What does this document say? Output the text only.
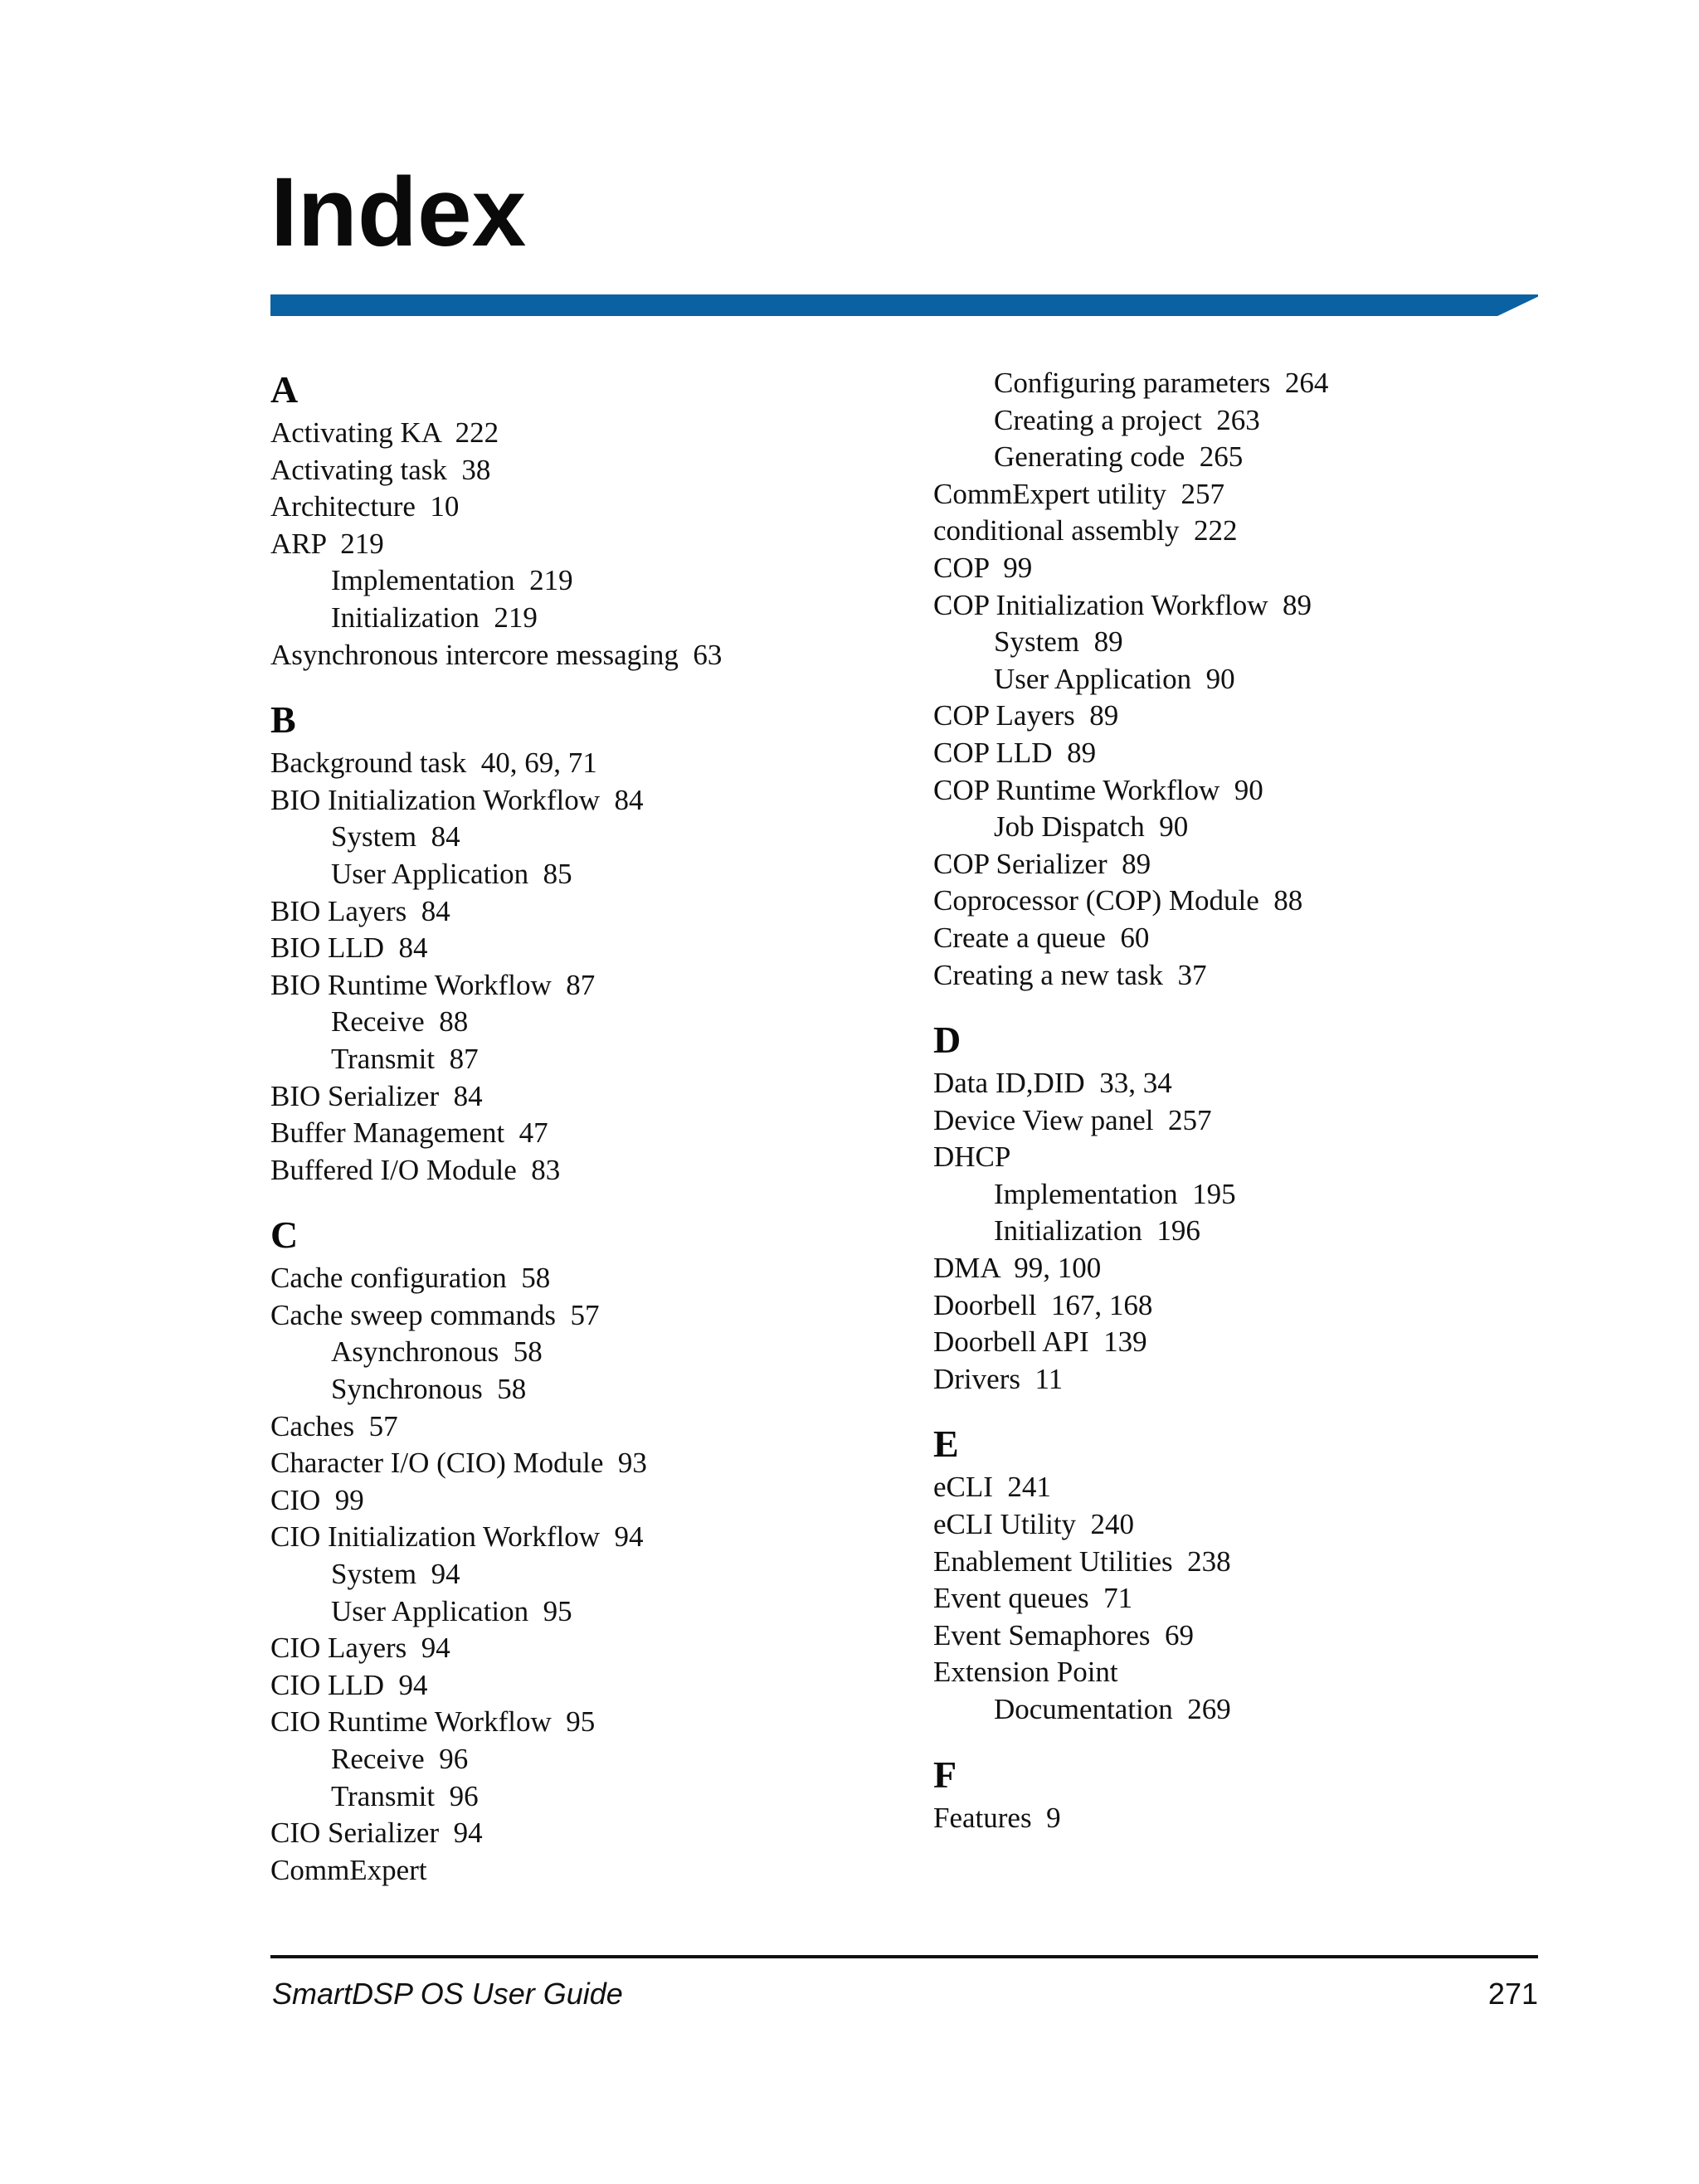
Index
A
Activating KA  222
Activating task  38
Architecture  10
ARP  219
Implementation  219
Initialization  219
Asynchronous intercore messaging  63
B
Background task  40, 69, 71
BIO Initialization Workflow  84
System  84
User Application  85
BIO Layers  84
BIO LLD  84
BIO Runtime Workflow  87
Receive  88
Transmit  87
BIO Serializer  84
Buffer Management  47
Buffered I/O Module  83
C
Cache configuration  58
Cache sweep commands  57
Asynchronous  58
Synchronous  58
Caches  57
Character I/O (CIO) Module  93
CIO  99
CIO Initialization Workflow  94
System  94
User Application  95
CIO Layers  94
CIO LLD  94
CIO Runtime Workflow  95
Receive  96
Transmit  96
CIO Serializer  94
CommExpert
Configuring parameters  264
Creating a project  263
Generating code  265
CommExpert utility  257
conditional assembly  222
COP  99
COP Initialization Workflow  89
System  89
User Application  90
COP Layers  89
COP LLD  89
COP Runtime Workflow  90
Job Dispatch  90
COP Serializer  89
Coprocessor (COP) Module  88
Create a queue  60
Creating a new task  37
D
Data ID,DID  33, 34
Device View panel  257
DHCP
Implementation  195
Initialization  196
DMA  99, 100
Doorbell  167, 168
Doorbell API  139
Drivers  11
E
eCLI  241
eCLI Utility  240
Enablement Utilities  238
Event queues  71
Event Semaphores  69
Extension Point
Documentation  269
F
Features  9
SmartDSP OS User Guide	271
